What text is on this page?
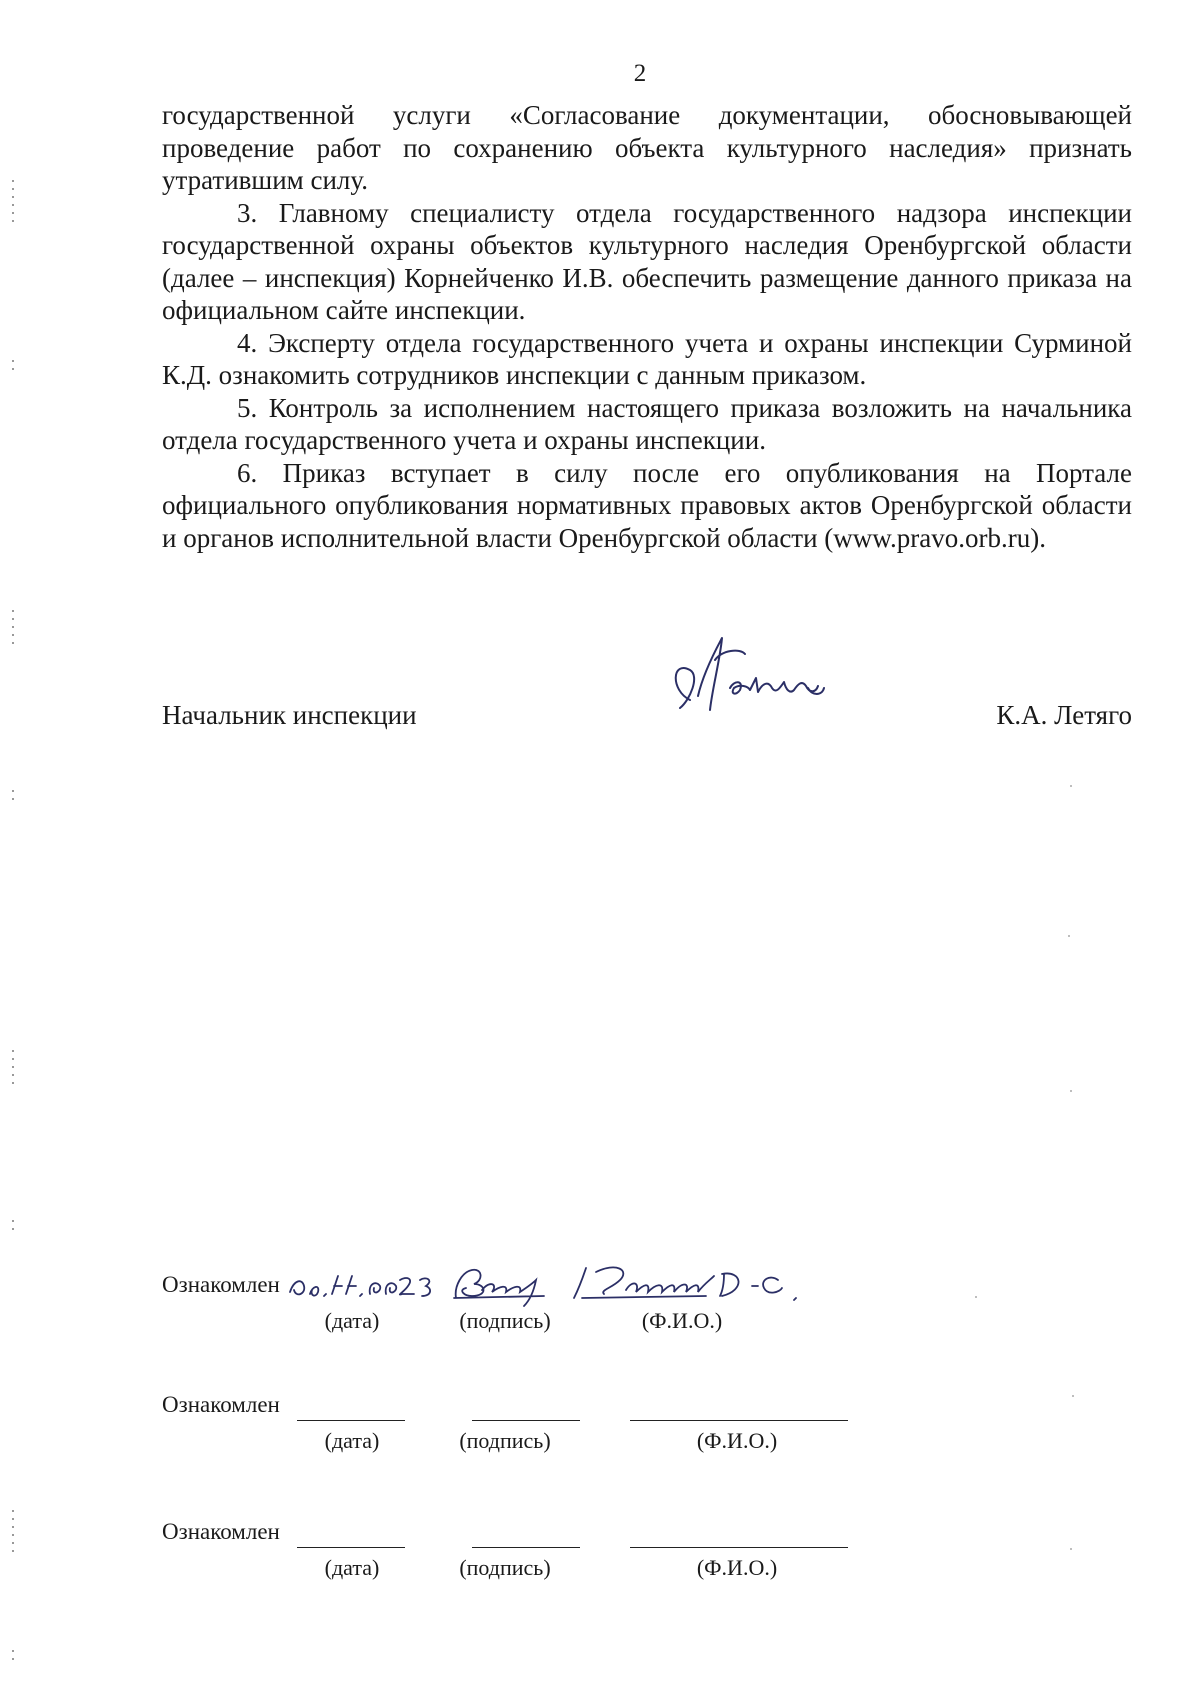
2

государственной услуги «Согласование документации, обосновывающей проведение работ по сохранению объекта культурного наследия» признать утратившим силу.

3. Главному специалисту отдела государственного надзора инспекции государственной охраны объектов культурного наследия Оренбургской области (далее – инспекция) Корнейченко И.В. обеспечить размещение данного приказа на официальном сайте инспекции.

4. Эксперту отдела государственного учета и охраны инспекции Сурминой К.Д. ознакомить сотрудников инспекции с данным приказом.

5. Контроль за исполнением настоящего приказа возложить на начальника отдела государственного учета и охраны инспекции.

6. Приказ вступает в силу после его опубликования на Портале официального опубликования нормативных правовых актов Оренбургской области и органов исполнительной власти Оренбургской области (www.pravo.orb.ru).

Начальник инспекции	К.А. Летяго
Ознакомлен
(дата)	(подпись)	(Ф.И.О.)
Ознакомлен
(дата)	(подпись)	(Ф.И.О.)
Ознакомлен
(дата)	(подпись)	(Ф.И.О.)
